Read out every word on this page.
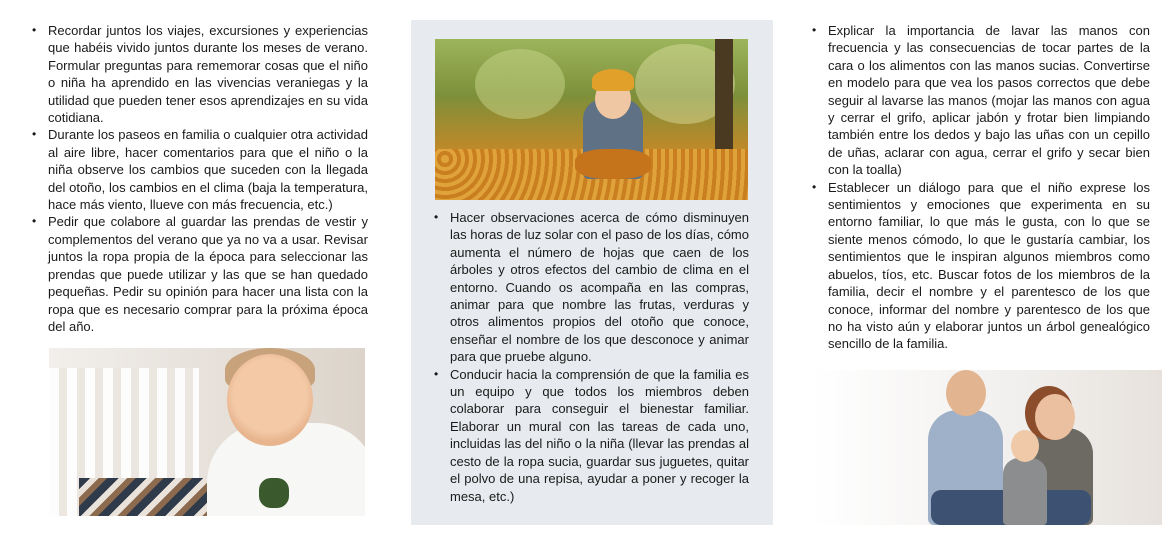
• Recordar juntos los viajes, excursiones y experiencias que habéis vivido juntos durante los meses de verano. Formular preguntas para rememorar cosas que el niño o niña ha aprendido en las vivencias veraniegas y la utilidad que pueden tener esos aprendizajes en su vida cotidiana.
• Durante los paseos en familia o cualquier otra actividad al aire libre, hacer comentarios para que el niño o la niña observe los cambios que suceden con la llegada del otoño, los cambios en el clima (baja la temperatura, hace más viento, llueve con más frecuencia, etc.)
• Pedir que colabore al guardar las prendas de vestir y complementos del verano que ya no va a usar. Revisar juntos la ropa propia de la época para seleccionar las prendas que puede utilizar y las que se han quedado pequeñas. Pedir su opinión para hacer una lista con la ropa que es necesario comprar para la próxima época del año.
• Hacer observaciones acerca de cómo disminuyen las horas de luz solar con el paso de los días, cómo aumenta el número de hojas que caen de los árboles y otros efectos del cambio de clima en el entorno. Cuando os acompaña en las compras, animar para que nombre las frutas, verduras y otros alimentos propios del otoño que conoce, enseñar el nombre de los que desconoce y animar para que pruebe alguno.
• Conducir hacia la comprensión de que la familia es un equipo y que todos los miembros deben colaborar para conseguir el bienestar familiar. Elaborar un mural con las tareas de cada uno, incluidas las del niño o la niña (llevar las prendas al cesto de la ropa sucia, guardar sus juguetes, quitar el polvo de una repisa, ayudar a poner y recoger la mesa, etc.)
• Explicar la importancia de lavar las manos con frecuencia y las consecuencias de tocar partes de la cara o los alimentos con las manos sucias. Convertirse en modelo para que vea los pasos correctos que debe seguir al lavarse las manos (mojar las manos con agua y cerrar el grifo, aplicar jabón y frotar bien limpiando también entre los dedos y bajo las uñas con un cepillo de uñas, aclarar con agua, cerrar el grifo y secar bien con la toalla)
• Establecer un diálogo para que el niño exprese los sentimientos y emociones que experimenta en su entorno familiar, lo que más le gusta, con lo que se siente menos cómodo, lo que le gustaría cambiar, los sentimientos que le inspiran algunos miembros como abuelos, tíos, etc. Buscar fotos de los miembros de la familia, decir el nombre y el parentesco de los que conoce, informar del nombre y parentesco de los que no ha visto aún y elaborar juntos un árbol genealógico sencillo de la familia.
